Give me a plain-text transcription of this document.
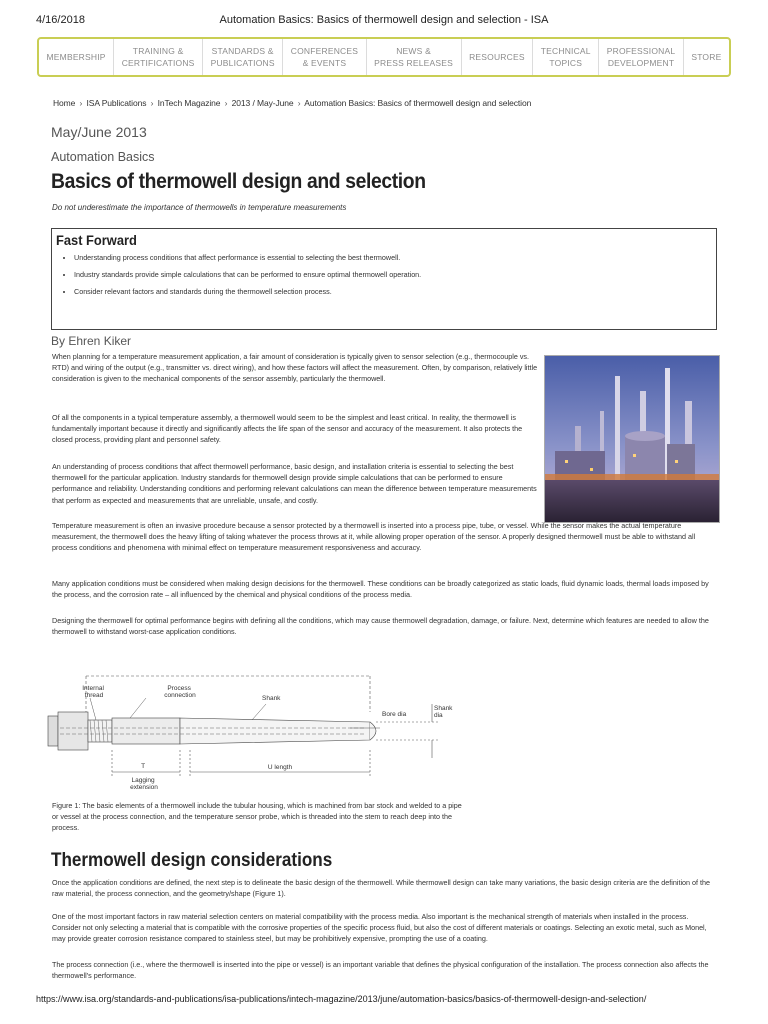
4/16/2018	Automation Basics: Basics of thermowell design and selection - ISA
MEMBERSHIP
TRAINING &
CERTIFICATIONS
STANDARDS &
PUBLICATIONS
CONFERENCES
& EVENTS
NEWS &
PRESS RELEASES
RESOURCES
TECHNICAL
TOPICS
PROFESSIONAL
DEVELOPMENT
STORE
Home › ISA Publications › InTech Magazine › 2013 / May-June › Automation Basics: Basics of thermowell design and selection
May/June 2013
Automation Basics
Basics of thermowell design and selection
Do not underestimate the importance of thermowells in temperature measurements
Fast Forward
• Understanding process conditions that affect performance is essential to selecting the best thermowell.
• Industry standards provide simple calculations that can be performed to ensure optimal thermowell operation.
• Consider relevant factors and standards during the thermowell selection process.
By Ehren Kiker

When planning for a temperature measurement application, a fair amount of consideration is typically given to sensor selection (e.g., thermocouple vs. RTD) and wiring of the output (e.g., transmitter vs. direct wiring), and how these factors will affect the measurement. Often, by comparison, relatively little consideration is given to the mechanical components of the sensor assembly, particularly the thermowell.

Of all the components in a typical temperature assembly, a thermowell would seem to be the simplest and least critical. In reality, the thermowell is fundamentally important because it directly and significantly affects the life span of the sensor and accuracy of the measurement. It also protects the closed process, providing plant and personnel safety.

An understanding of process conditions that affect thermowell performance, basic design, and installation criteria is essential to selecting the best thermowell for the particular application. Industry standards for thermowell design provide simple calculations that can be performed to ensure performance and reliability. Understanding conditions and performing relevant calculations can mean the difference between temperature measurements that perform as expected and measurements that are unreliable, unsafe, and costly.

Temperature measurement is often an invasive procedure because a sensor protected by a thermowell is inserted into a process pipe, tube, or vessel. While the sensor makes the actual temperature measurement, the thermowell does the heavy lifting of taking whatever the process throws at it, while allowing proper operation of the sensor. A properly designed thermowell must be able to withstand all process conditions and phenomena with minimal effect on temperature measurement responsiveness and accuracy.

Many application conditions must be considered when making design decisions for the thermowell. These conditions can be broadly categorized as static loads, fluid dynamic loads, thermal loads imposed by the process, and the corrosion rate – all influenced by the chemical and physical conditions of the process media.

Designing the thermowell for optimal performance begins with defining all the conditions, which may cause thermowell degradation, damage, or failure. Next, determine which features are needed to allow the thermowell to withstand worst-case application conditions.

Internal thread
Process connection	Shank
Bore dia
Shank dia
T Lagging extension
U length

Figure 1: The basic elements of a thermowell include the tubular housing, which is machined from bar stock and welded to a pipe or vessel at the process connection, and the temperature sensor probe, which is threaded into the stem to reach deep into the process.

Thermowell design considerations

Once the application conditions are defined, the next step is to delineate the basic design of the thermowell. While thermowell design can take many variations, the basic design criteria are the definition of the raw material, the process connection, and the geometry/shape (Figure 1).

One of the most important factors in raw material selection centers on material compatibility with the process media. Also important is the mechanical strength of materials when installed in the process. Consider not only selecting a material that is compatible with the corrosive properties of the specific process fluid, but also the cost of different materials or coatings. Selecting an exotic metal, such as Monel, may provide greater corrosion resistance compared to stainless steel, but may be prohibitively expensive, prompting the use of a coating.

The process connection (i.e., where the thermowell is inserted into the pipe or vessel) is an important variable that defines the physical configuration of the installation. The process connection also affects the thermowell's performance.

https://www.isa.org/standards-and-publications/isa-publications/intech-magazine/2013/june/automation-basics/basics-of-thermowell-design-and-selection/
